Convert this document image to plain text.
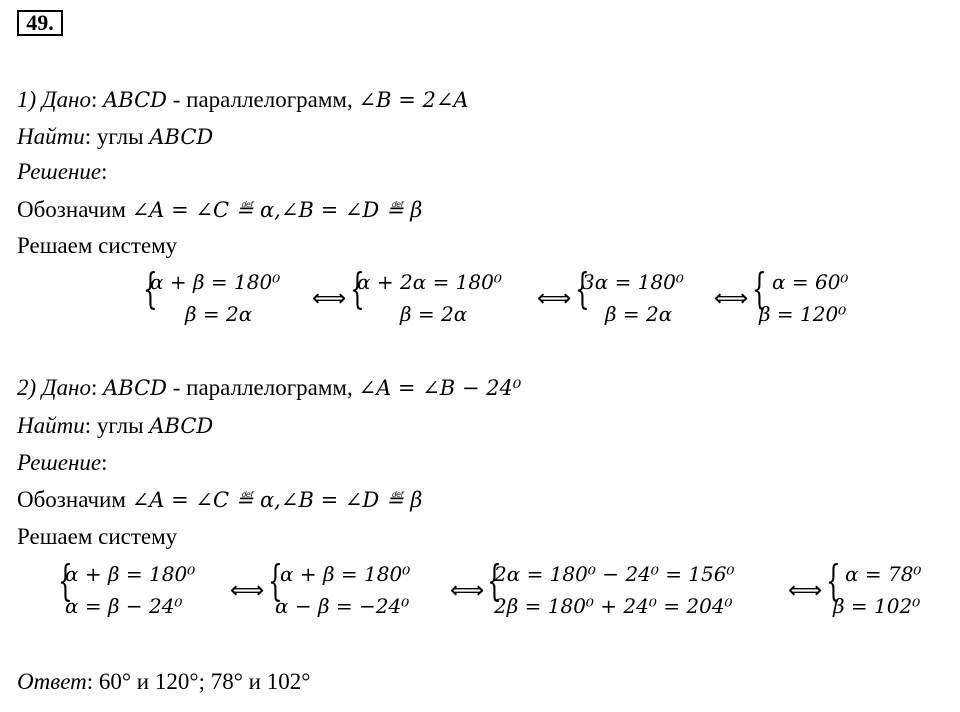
49.
1) Дано: ABCD - параллелограмм, ∠B = 2∠A
Найти: углы ABCD
Решение:
Обозначим ∠A = ∠C ≝ α,∠B = ∠D ≝ β
Решаем систему
{
α + β = 180⁰
β = 2α
⟺ {
α + 2α = 180⁰
β = 2α
⟺ {
3α = 180⁰
β = 2α
⟺ { α = 60⁰
β = 120⁰
2) Дано: ABCD - параллелограмм, ∠A = ∠B − 24⁰
Найти: углы ABCD
Решение:
Обозначим ∠A = ∠C ≝ α,∠B = ∠D ≝ β
Решаем систему
{
α + β = 180⁰
α = β − 24⁰
⟺ {
α + β = 180⁰
α − β = −24⁰
⟺ {
2α = 180⁰ − 24⁰ = 156⁰
2β = 180⁰ + 24⁰ = 204⁰
⟺ { α = 78⁰
β = 102⁰
Ответ: 60° и 120°; 78° и 102°
